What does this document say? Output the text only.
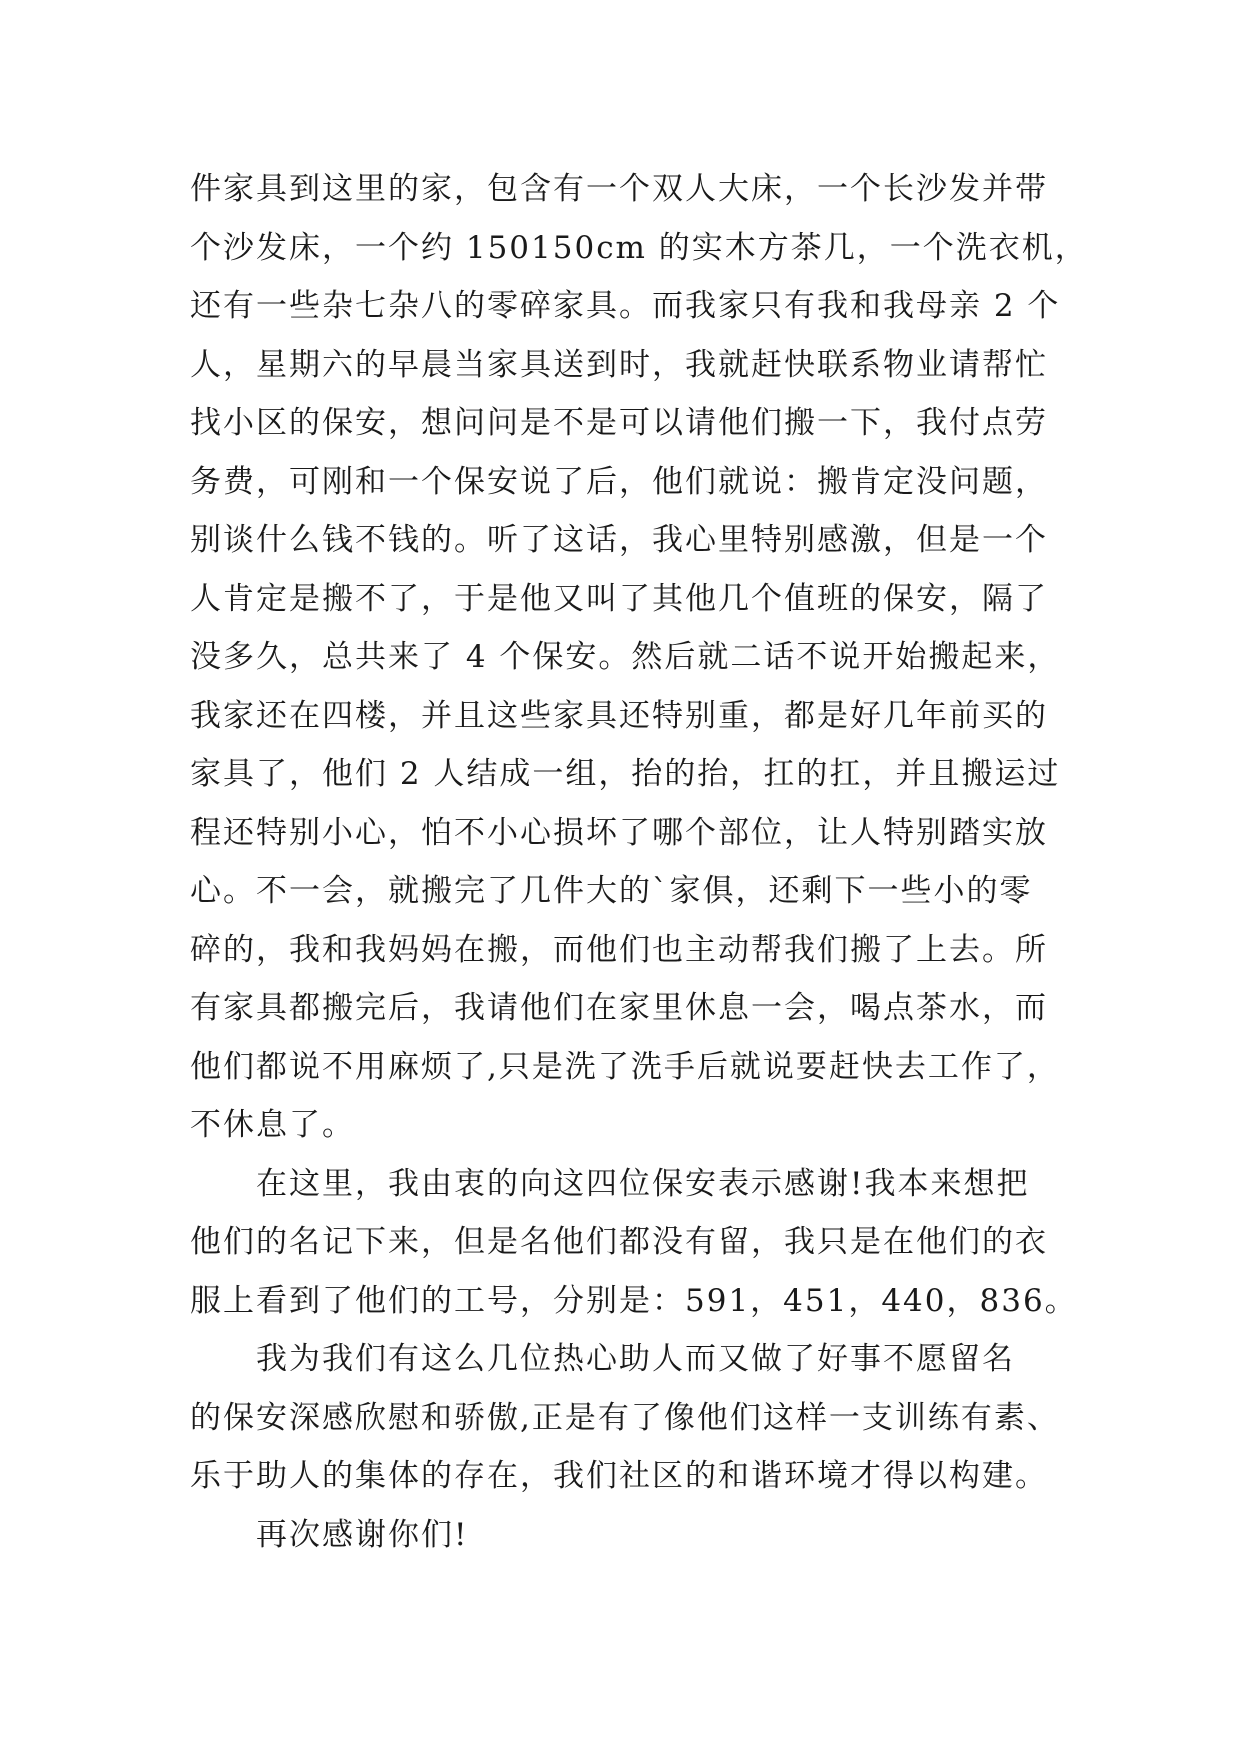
件家具到这里的家，包含有一个双人大床，一个长沙发并带
个沙发床，一个约 150150cm 的实木方茶几，一个洗衣机，
还有一些杂七杂八的零碎家具。而我家只有我和我母亲 2 个
人，星期六的早晨当家具送到时，我就赶快联系物业请帮忙
找小区的保安，想问问是不是可以请他们搬一下，我付点劳
务费，可刚和一个保安说了后，他们就说：搬肯定没问题，
别谈什么钱不钱的。听了这话，我心里特别感激，但是一个
人肯定是搬不了，于是他又叫了其他几个值班的保安，隔了
没多久，总共来了 4 个保安。然后就二话不说开始搬起来，
我家还在四楼，并且这些家具还特别重，都是好几年前买的
家具了，他们 2 人结成一组，抬的抬，扛的扛，并且搬运过
程还特别小心，怕不小心损坏了哪个部位，让人特别踏实放
心。不一会，就搬完了几件大的`家俱，还剩下一些小的零
碎的，我和我妈妈在搬，而他们也主动帮我们搬了上去。所
有家具都搬完后，我请他们在家里休息一会，喝点茶水，而
他们都说不用麻烦了,只是洗了洗手后就说要赶快去工作了，
不休息了。
在这里，我由衷的向这四位保安表示感谢!我本来想把
他们的名记下来，但是名他们都没有留，我只是在他们的衣
服上看到了他们的工号，分别是：591，451，440，836。
我为我们有这么几位热心助人而又做了好事不愿留名
的保安深感欣慰和骄傲,正是有了像他们这样一支训练有素、
乐于助人的集体的存在，我们社区的和谐环境才得以构建。
再次感谢你们!
